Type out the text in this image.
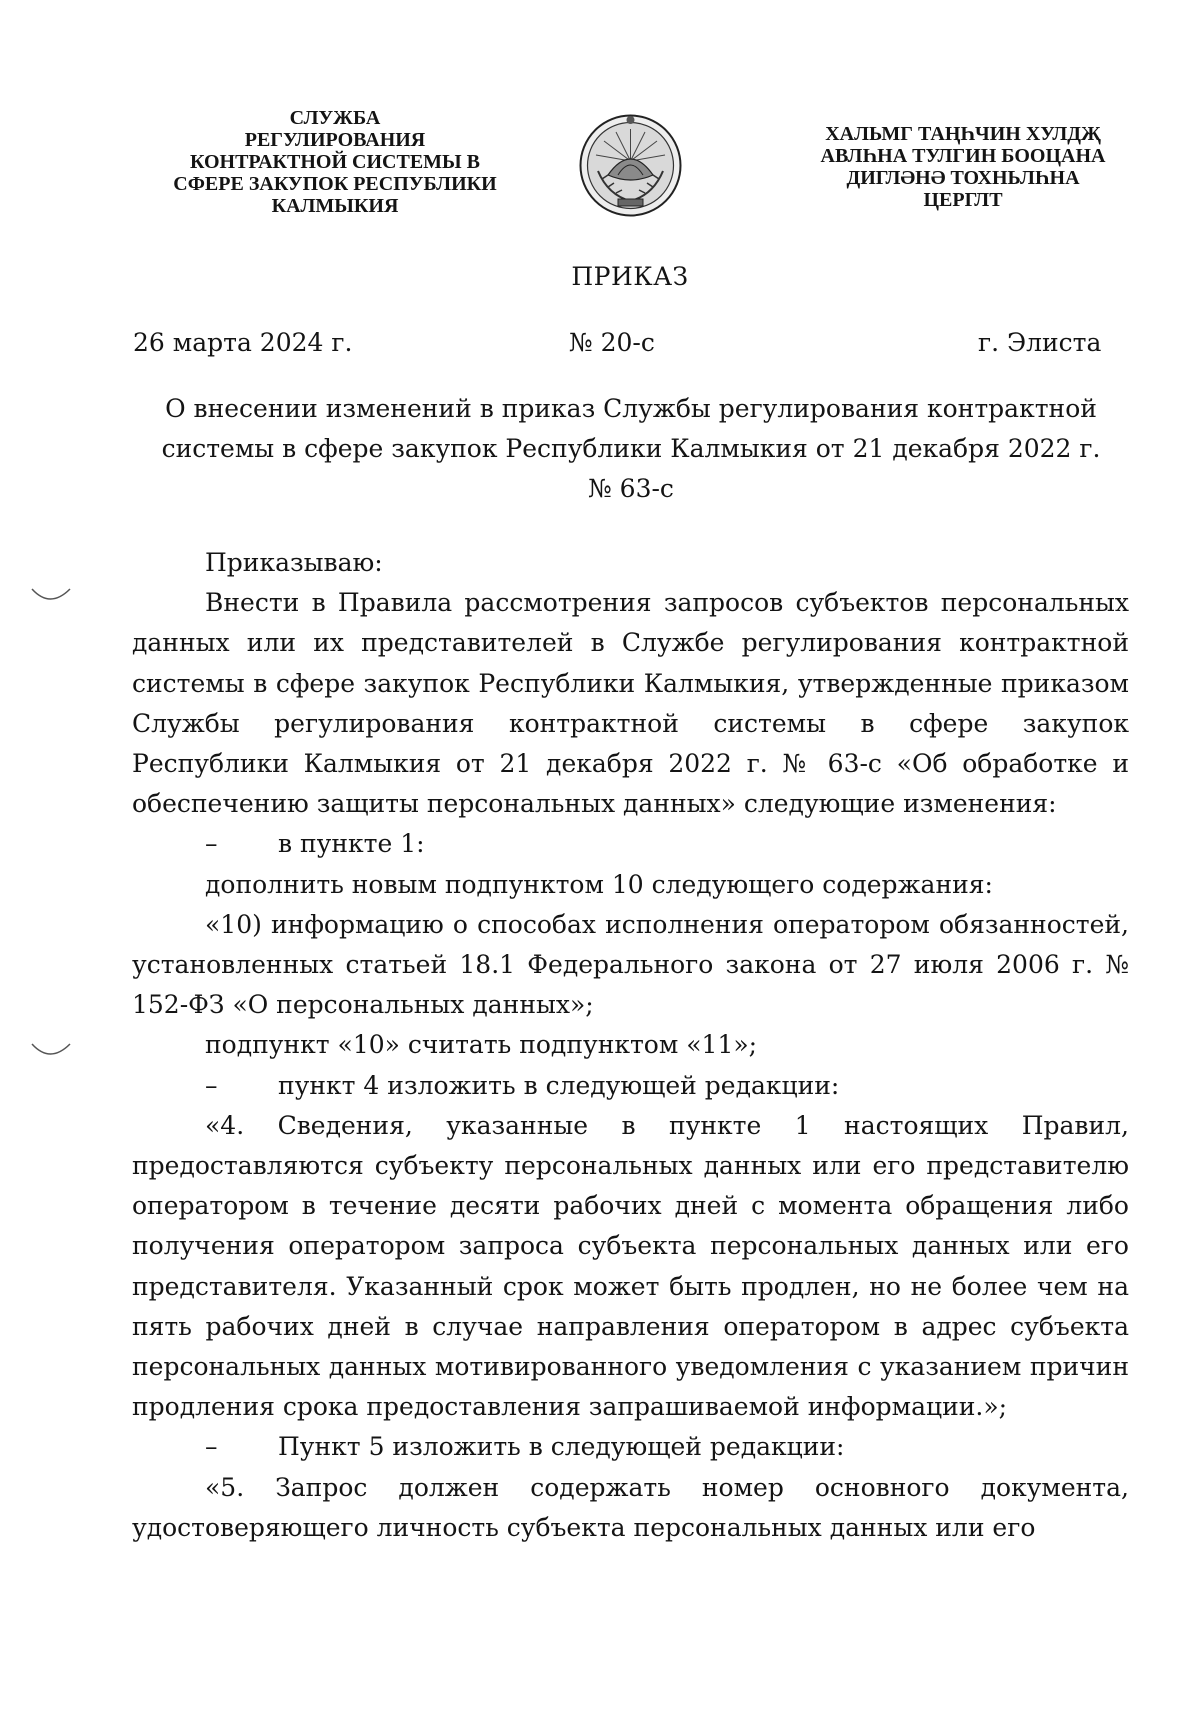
СЛУЖБА
РЕГУЛИРОВАНИЯ
КОНТРАКТНОЙ СИСТЕМЫ В
СФЕРЕ ЗАКУПОК РЕСПУБЛИКИ
КАЛМЫКИЯ
ХАЛЬМГ ТАҢҺЧИН ХУЛДҖ
АВЛҺНА ТУЛГИН БООЦАНА
ДИГЛӘНӘ ТОХНЬЛҺНА
ЦЕРГЛТ
ПРИКАЗ
26 марта 2024 г.	№ 20-с	г. Элиста
О внесении изменений в приказ Службы регулирования контрактной
системы в сфере закупок Республики Калмыкия от 21 декабря 2022 г.
№ 63-с

Приказываю:

Внести в Правила рассмотрения запросов субъектов персональных данных или их представителей в Службе регулирования контрактной системы в сфере закупок Республики Калмыкия, утвержденные приказом Службы регулирования контрактной системы в сфере закупок Республики Калмыкия от 21 декабря 2022 г. № 63-с «Об обработке и обеспечению защиты персональных данных» следующие изменения:

– в пункте 1:

дополнить новым подпунктом 10 следующего содержания:

«10) информацию о способах исполнения оператором обязанностей, установленных статьей 18.1 Федерального закона от 27 июля 2006 г. № 152-ФЗ «О персональных данных»;

подпункт «10» считать подпунктом «11»;

– пункт 4 изложить в следующей редакции:

«4. Сведения, указанные в пункте 1 настоящих Правил, предоставляются субъекту персональных данных или его представителю оператором в течение десяти рабочих дней с момента обращения либо получения оператором запроса субъекта персональных данных или его представителя. Указанный срок может быть продлен, но не более чем на пять рабочих дней в случае направления оператором в адрес субъекта персональных данных мотивированного уведомления с указанием причин продления срока предоставления запрашиваемой информации.»;

– Пункт 5 изложить в следующей редакции:

«5. Запрос должен содержать номер основного документа, удостоверяющего личность субъекта персональных данных или его
